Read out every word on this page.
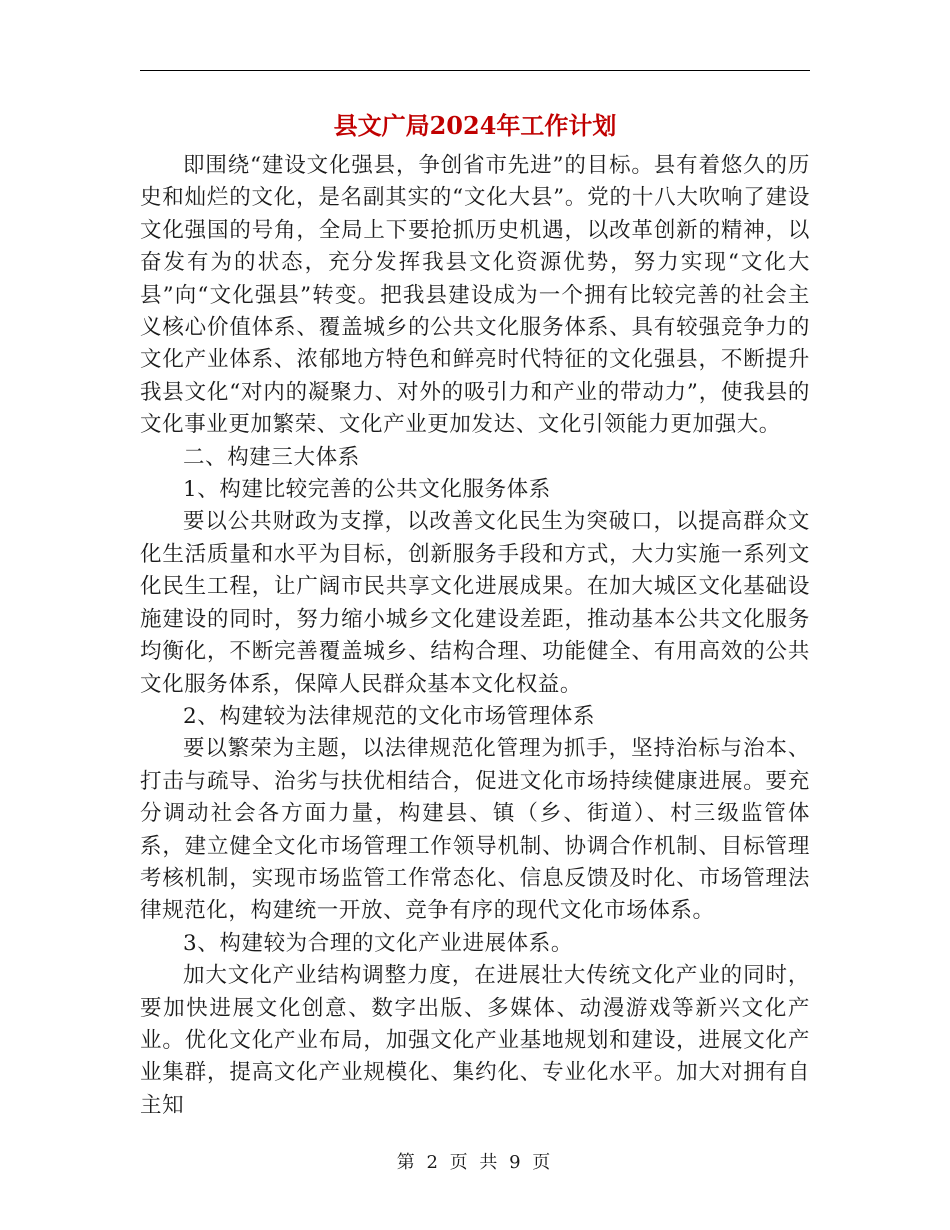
县文广局2024年工作计划

即围绕“建设文化强县，争创省市先进”的目标。县有着悠久的历史和灿烂的文化，是名副其实的“文化大县”。党的十八大吹响了建设文化强国的号角，全局上下要抢抓历史机遇，以改革创新的精神，以奋发有为的状态，充分发挥我县文化资源优势，努力实现“文化大县”向“文化强县”转变。把我县建设成为一个拥有比较完善的社会主义核心价值体系、覆盖城乡的公共文化服务体系、具有较强竞争力的文化产业体系、浓郁地方特色和鲜亮时代特征的文化强县，不断提升我县文化“对内的凝聚力、对外的吸引力和产业的带动力”，使我县的文化事业更加繁荣、文化产业更加发达、文化引领能力更加强大。

二、构建三大体系

1、构建比较完善的公共文化服务体系

要以公共财政为支撑，以改善文化民生为突破口，以提高群众文化生活质量和水平为目标，创新服务手段和方式，大力实施一系列文化民生工程，让广阔市民共享文化进展成果。在加大城区文化基础设施建设的同时，努力缩小城乡文化建设差距，推动基本公共文化服务均衡化，不断完善覆盖城乡、结构合理、功能健全、有用高效的公共文化服务体系，保障人民群众基本文化权益。

2、构建较为法律规范的文化市场管理体系

要以繁荣为主题，以法律规范化管理为抓手，坚持治标与治本、打击与疏导、治劣与扶优相结合，促进文化市场持续健康进展。要充分调动社会各方面力量，构建县、镇（乡、街道）、村三级监管体系，建立健全文化市场管理工作领导机制、协调合作机制、目标管理考核机制，实现市场监管工作常态化、信息反馈及时化、市场管理法律规范化，构建统一开放、竞争有序的现代文化市场体系。

3、构建较为合理的文化产业进展体系。

加大文化产业结构调整力度，在进展壮大传统文化产业的同时，要加快进展文化创意、数字出版、多媒体、动漫游戏等新兴文化产业。优化文化产业布局，加强文化产业基地规划和建设，进展文化产业集群，提高文化产业规模化、集约化、专业化水平。加大对拥有自主知

第 2 页 共 9 页
